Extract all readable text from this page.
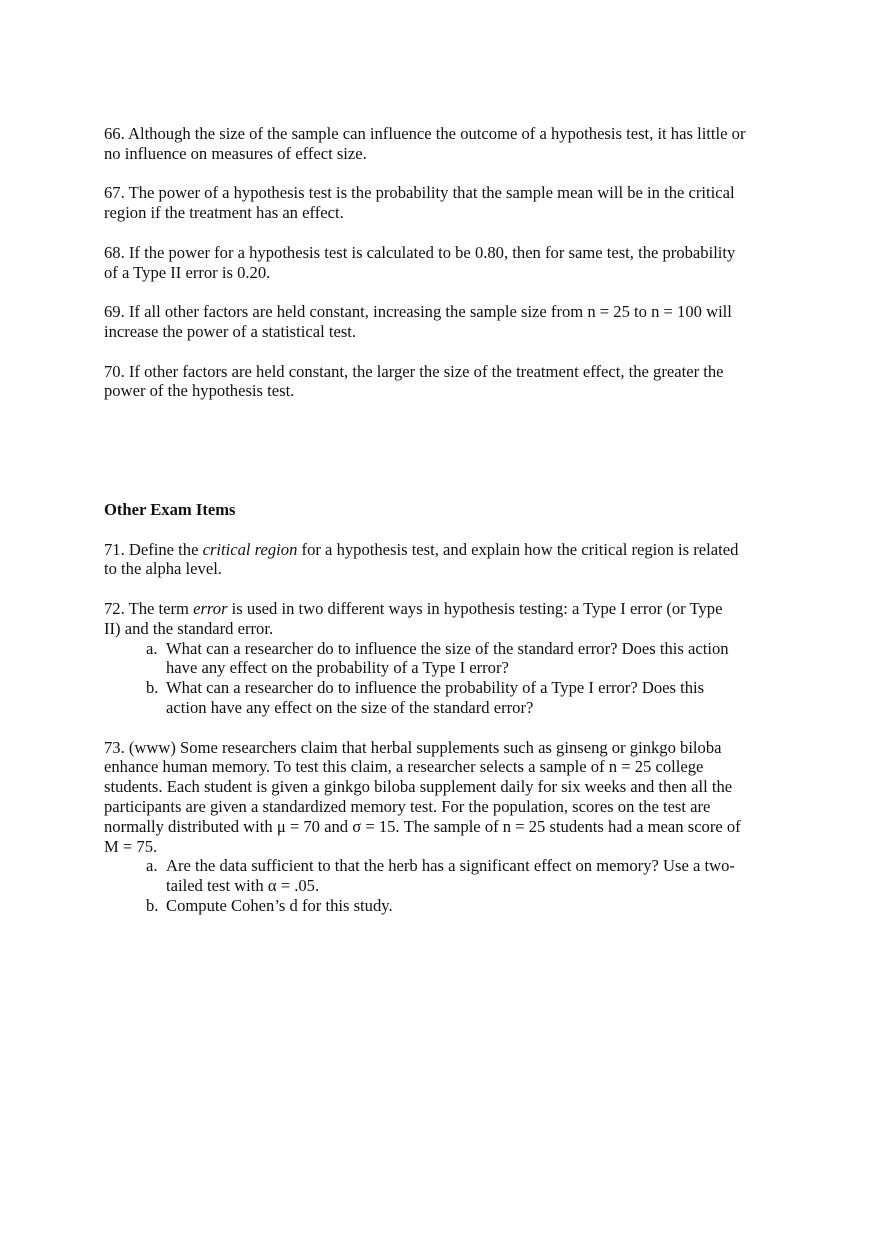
66. Although the size of the sample can influence the outcome of a hypothesis test, it has little or
no influence on measures of effect size.
67. The power of a hypothesis test is the probability that the sample mean will be in the critical
region if the treatment has an effect.
68. If the power for a hypothesis test is calculated to be 0.80, then for same test, the probability
of a Type II error is 0.20.
69. If all other factors are held constant, increasing the sample size from n = 25 to n = 100 will
increase the power of a statistical test.
70. If other factors are held constant, the larger the size of the treatment effect, the greater the
power of the hypothesis test.
Other Exam Items
71. Define the critical region for a hypothesis test, and explain how the critical region is related
to the alpha level.
72. The term error is used in two different ways in hypothesis testing: a Type I error (or Type
II) and the standard error.
a. What can a researcher do to influence the size of the standard error? Does this action
have any effect on the probability of a Type I error?
b. What can a researcher do to influence the probability of a Type I error? Does this
action have any effect on the size of the standard error?
73. (www) Some researchers claim that herbal supplements such as ginseng or ginkgo biloba
enhance human memory. To test this claim, a researcher selects a sample of n = 25 college
students. Each student is given a ginkgo biloba supplement daily for six weeks and then all the
participants are given a standardized memory test. For the population, scores on the test are
normally distributed with μ = 70 and σ = 15. The sample of n = 25 students had a mean score of
M = 75.
a. Are the data sufficient to that the herb has a significant effect on memory? Use a two-
tailed test with α = .05.
b. Compute Cohen’s d for this study.
